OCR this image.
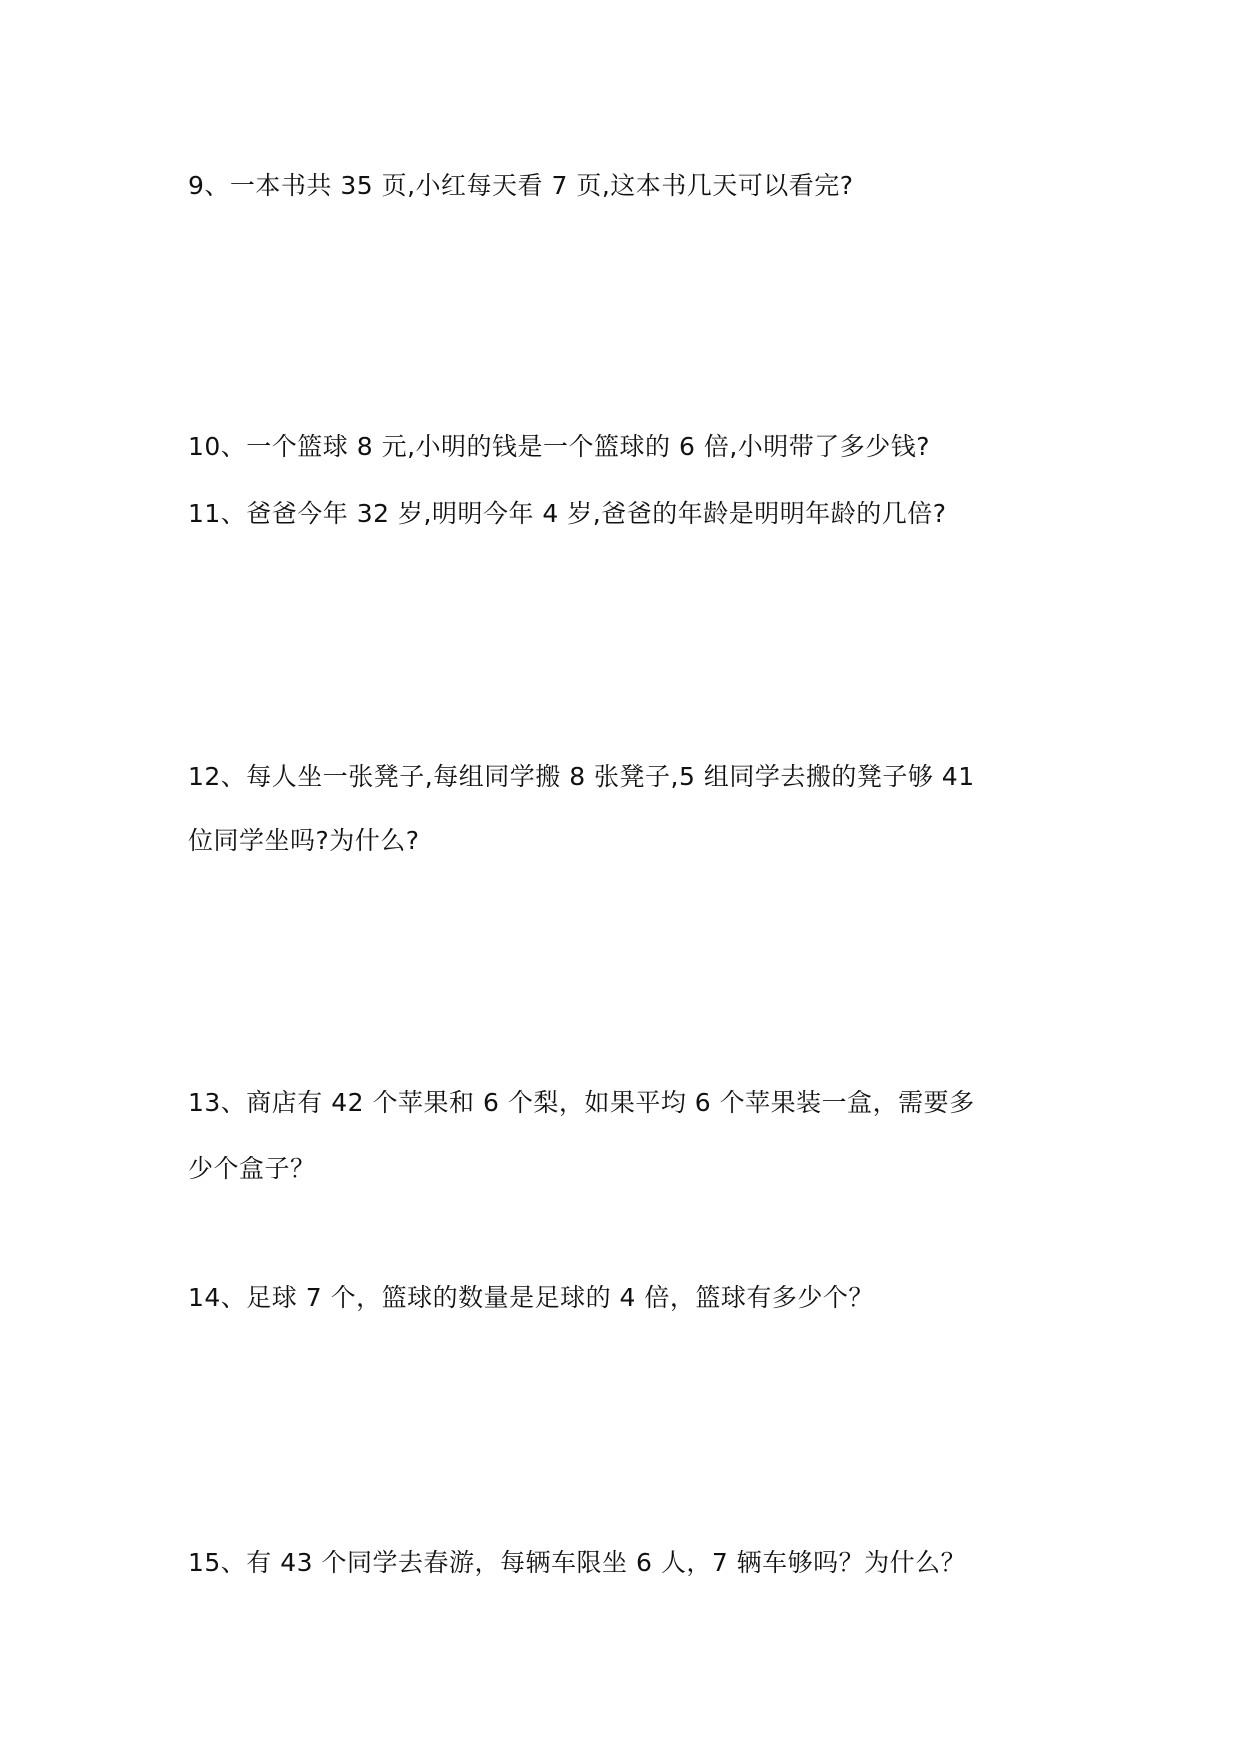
9、一本书共 35 页,小红每天看 7 页,这本书几天可以看完?
10、一个篮球 8 元,小明的钱是一个篮球的 6 倍,小明带了多少钱?
11、爸爸今年 32 岁,明明今年 4 岁,爸爸的年龄是明明年龄的几倍?
12、每人坐一张凳子,每组同学搬 8 张凳子,5 组同学去搬的凳子够 41
位同学坐吗?为什么?
13、商店有 42 个苹果和 6 个梨，如果平均 6 个苹果装一盒，需要多
少个盒子？
14、足球 7 个，篮球的数量是足球的 4 倍，篮球有多少个？
15、有 43 个同学去春游，每辆车限坐 6 人，7 辆车够吗？为什么？
